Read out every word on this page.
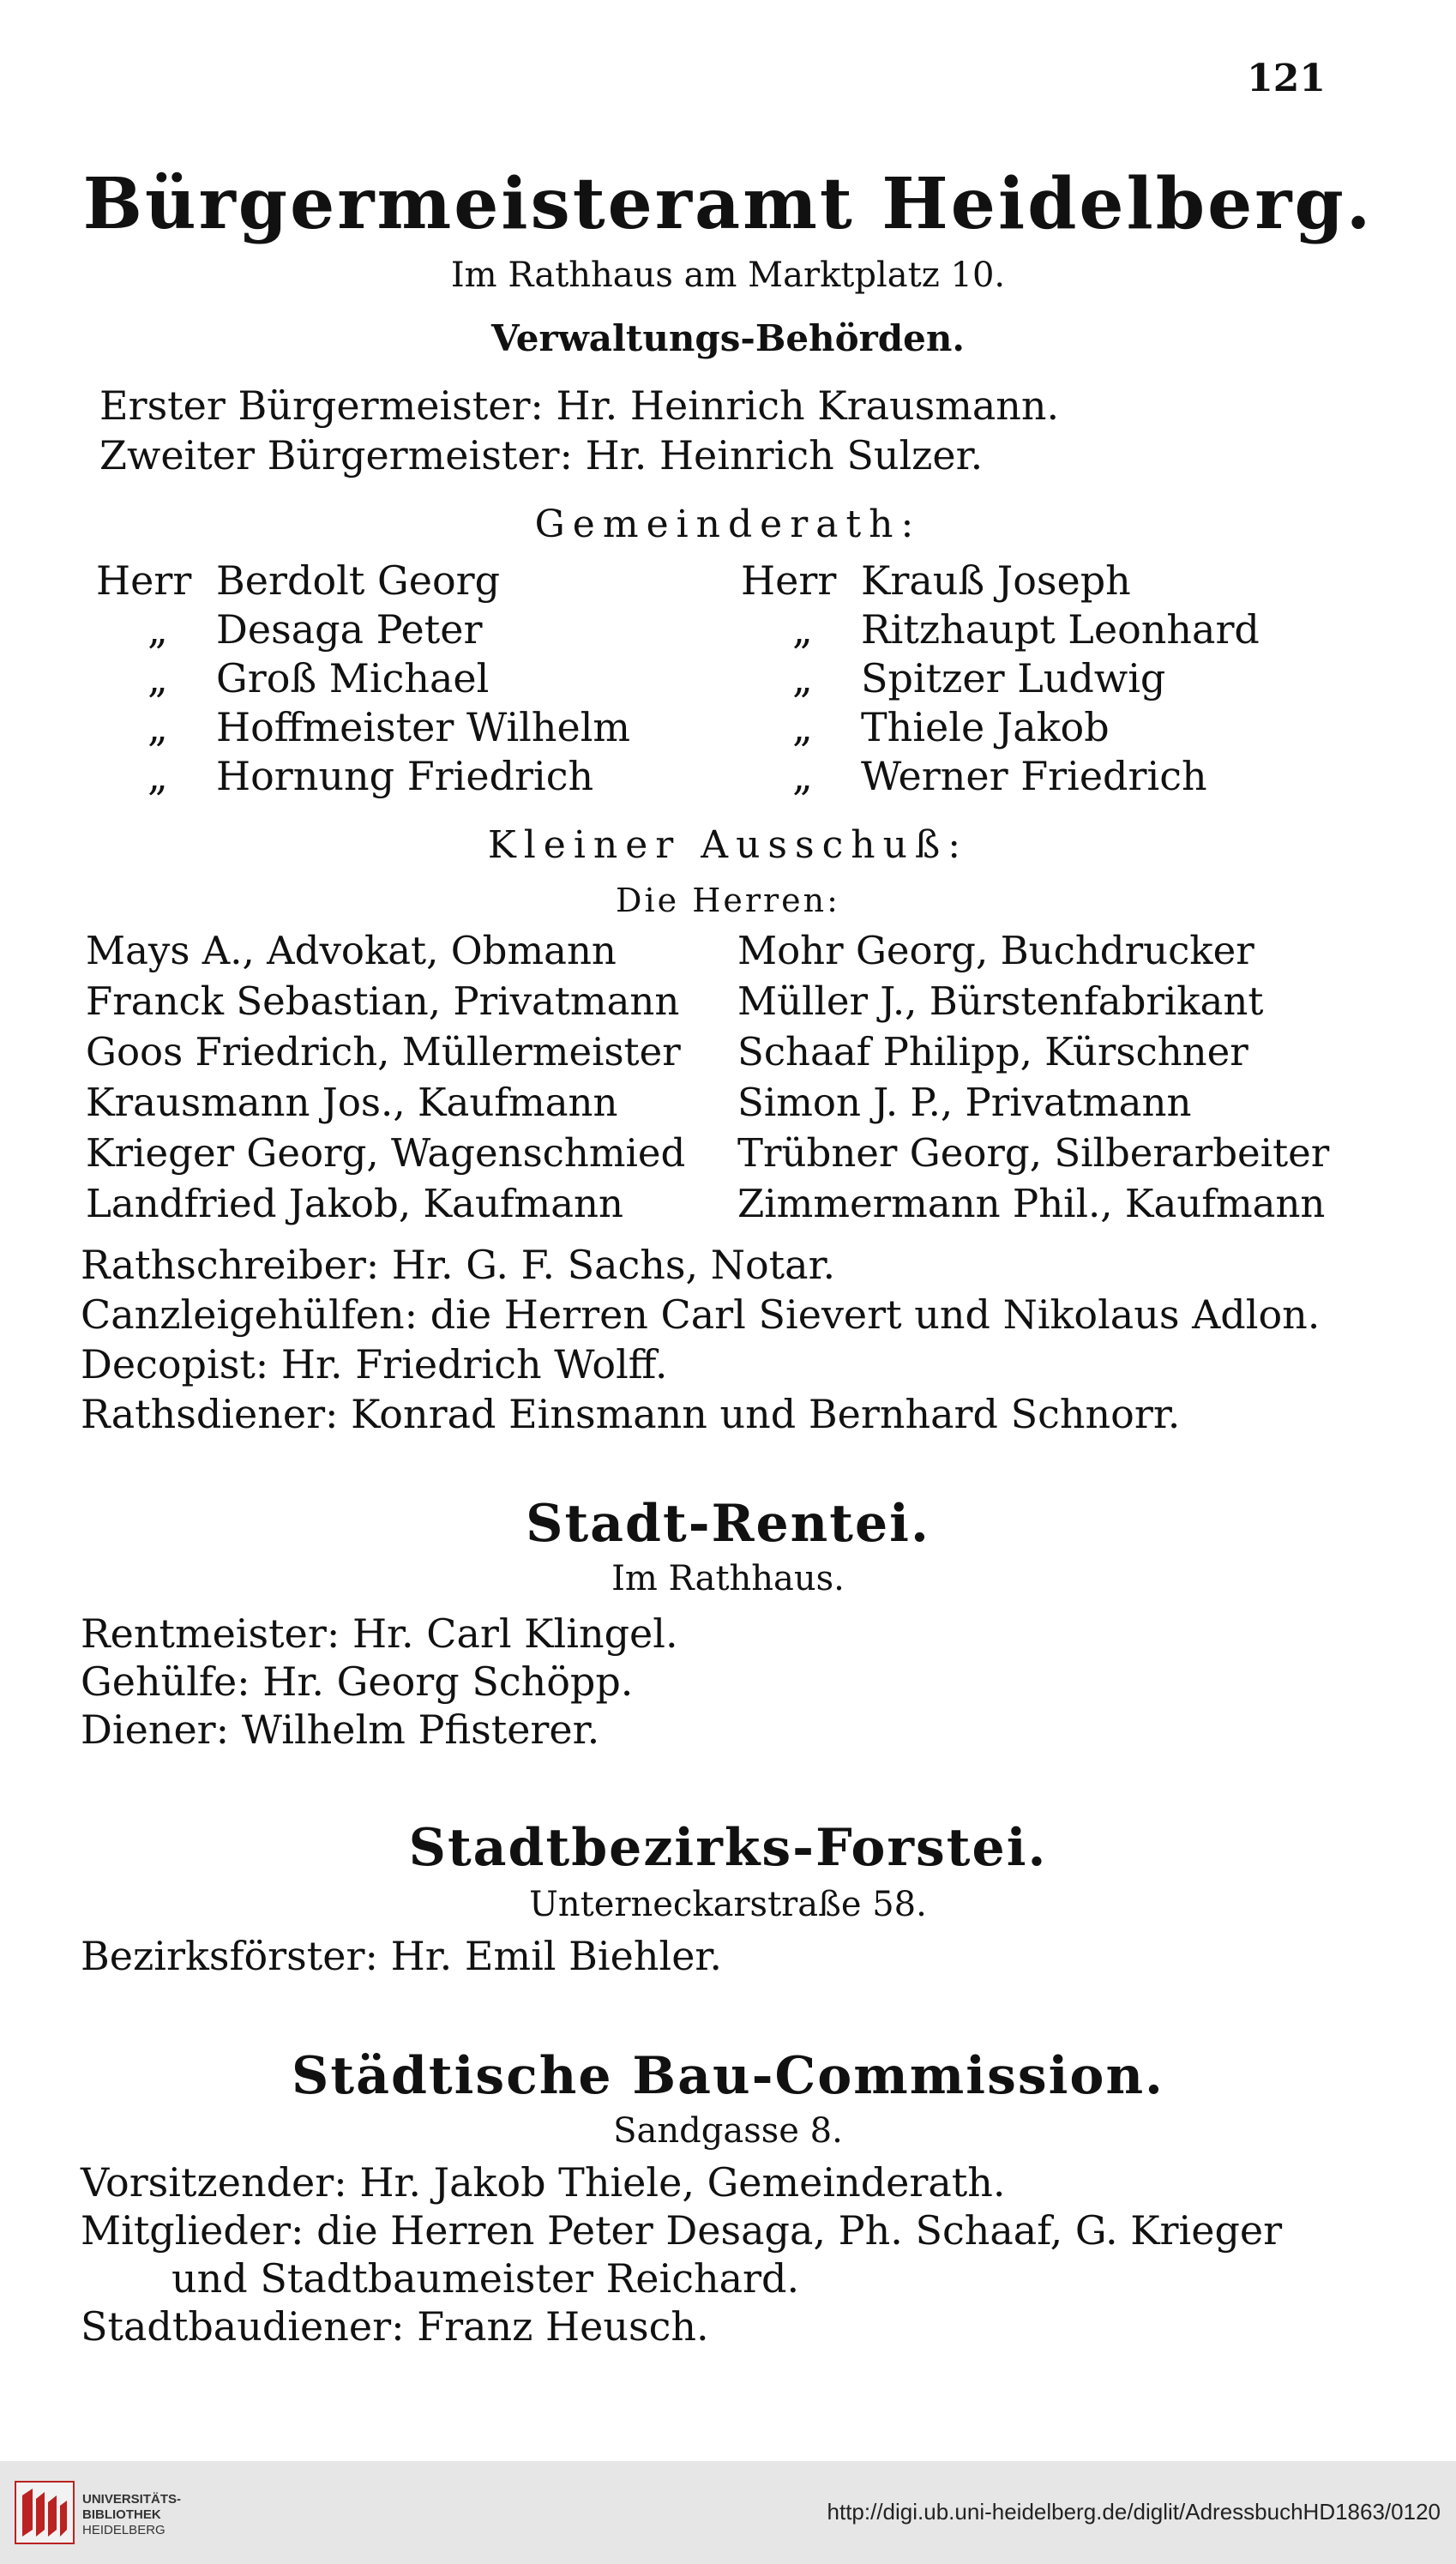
121
Bürgermeisteramt Heidelberg.
Im Rathhaus am Marktplatz 10.
Verwaltungs-Behörden.
Erster Bürgermeister: Hr. Heinrich Krausmann.
Zweiter Bürgermeister: Hr. Heinrich Sulzer.
Gemeinderath:
Herr Berdolt Georg
„ Desaga Peter
„ Groß Michael
„ Hoffmeister Wilhelm
„ Hornung Friedrich
Herr Krauß Joseph
„ Ritzhaupt Leonhard
„ Spitzer Ludwig
„ Thiele Jakob
„ Werner Friedrich
Kleiner Ausschuß:
Die Herren:
Mays A., Advokat, Obmann
Franck Sebastian, Privatmann
Goos Friedrich, Müllermeister
Krausmann Jos., Kaufmann
Krieger Georg, Wagenschmied
Landfried Jakob, Kaufmann
Mohr Georg, Buchdrucker
Müller J., Bürstenfabrikant
Schaaf Philipp, Kürschner
Simon J. P., Privatmann
Trübner Georg, Silberarbeiter
Zimmermann Phil., Kaufmann
Rathschreiber: Hr. G. F. Sachs, Notar.
Canzleigehülfen: die Herren Carl Sievert und Nikolaus Adlon.
Decopist: Hr. Friedrich Wolff.
Rathsdiener: Konrad Einsmann und Bernhard Schnorr.
Stadt-Rentei.
Im Rathhaus.
Rentmeister: Hr. Carl Klingel.
Gehülfe: Hr. Georg Schöpp.
Diener: Wilhelm Pfisterer.
Stadtbezirks-Forstei.
Unterneckarstraße 58.
Bezirksförster: Hr. Emil Biehler.
Städtische Bau-Commission.
Sandgasse 8.
Vorsitzender: Hr. Jakob Thiele, Gemeinderath.
Mitglieder: die Herren Peter Desaga, Ph. Schaaf, G. Krieger
und Stadtbaumeister Reichard.
Stadtbaudiener: Franz Heusch.
UNIVERSITÄTS-
BIBLIOTHEK
HEIDELBERG
http://digi.ub.uni-heidelberg.de/diglit/AdressbuchHD1863/0120
